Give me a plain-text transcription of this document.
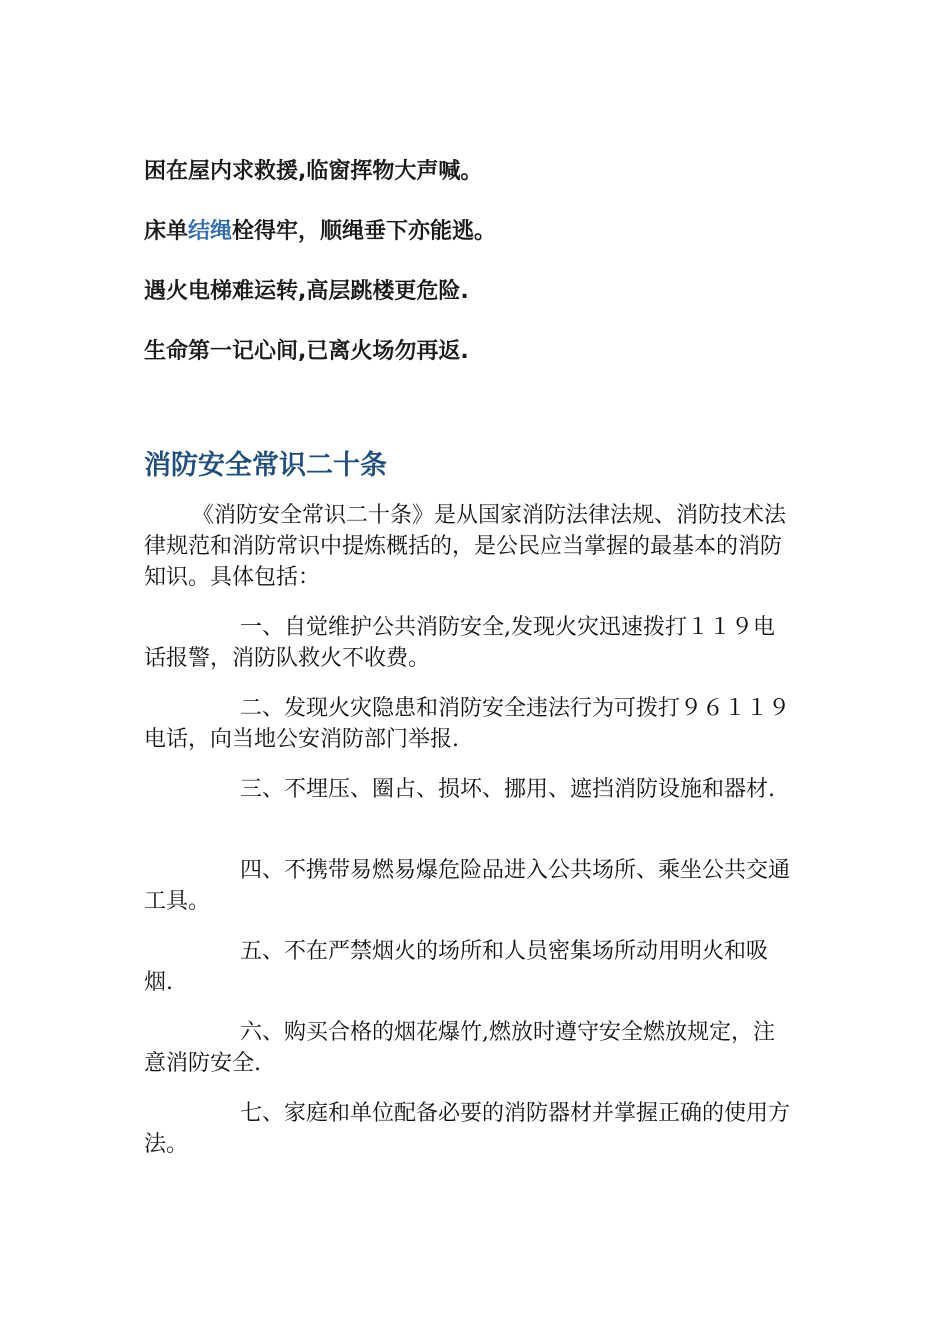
困在屋内求救援,临窗挥物大声喊。
床单结绳栓得牢，顺绳垂下亦能逃。
遇火电梯难运转,高层跳楼更危险.
生命第一记心间,已离火场勿再返.
消防安全常识二十条

《消防安全常识二十条》是从国家消防法律法规、消防技术法律规范和消防常识中提炼概括的，是公民应当掌握的最基本的消防知识。具体包括：

一、自觉维护公共消防安全,发现火灾迅速拨打１１９电话报警，消防队救火不收费。

二、发现火灾隐患和消防安全违法行为可拨打９６１１９电话，向当地公安消防部门举报.

三、不埋压、圈占、损坏、挪用、遮挡消防设施和器材.

四、不携带易燃易爆危险品进入公共场所、乘坐公共交通工具。

五、不在严禁烟火的场所和人员密集场所动用明火和吸烟.

六、购买合格的烟花爆竹,燃放时遵守安全燃放规定，注意消防安全.

七、家庭和单位配备必要的消防器材并掌握正确的使用方法。
